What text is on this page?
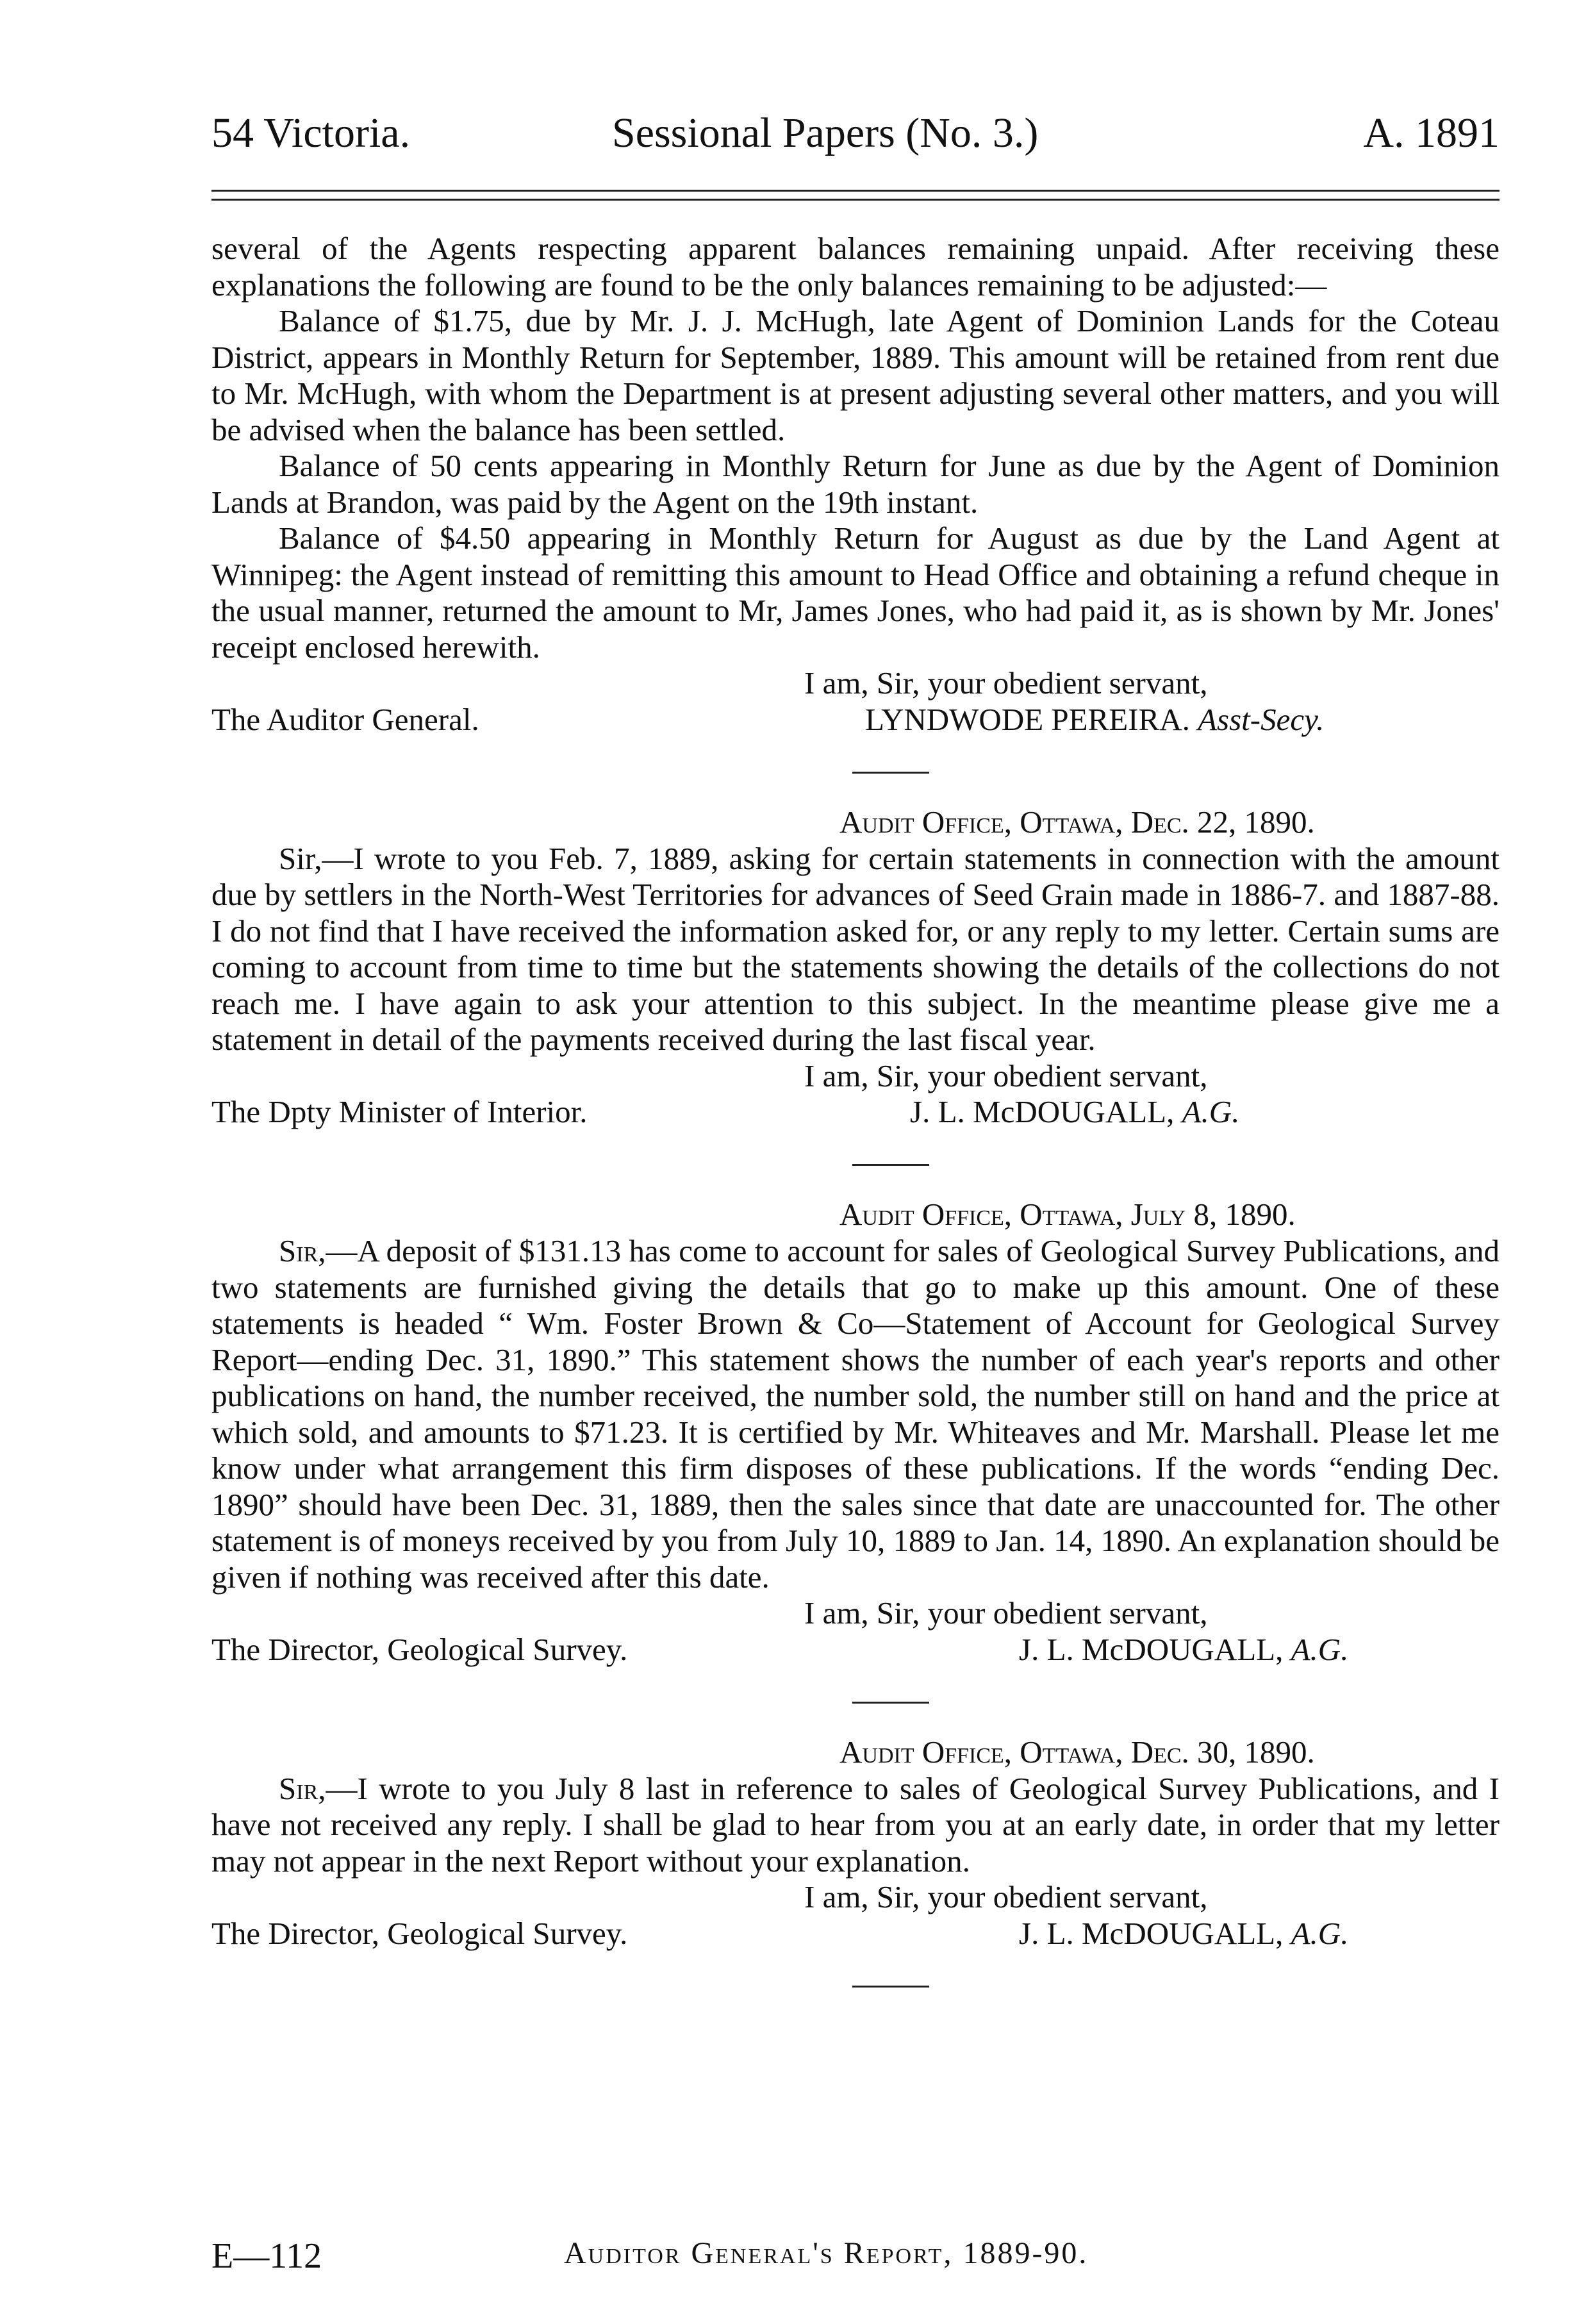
54 Victoria.	Sessional Papers (No. 3.)	A. 1891

several of the Agents respecting apparent balances remaining unpaid. After receiving these explanations the following are found to be the only balances remaining to be adjusted:—

Balance of $1.75, due by Mr. J. J. McHugh, late Agent of Dominion Lands for the Coteau District, appears in Monthly Return for September, 1889. This amount will be retained from rent due to Mr. McHugh, with whom the Department is at present adjusting several other matters, and you will be advised when the balance has been settled.

Balance of 50 cents appearing in Monthly Return for June as due by the Agent of Dominion Lands at Brandon, was paid by the Agent on the 19th instant.

Balance of $4.50 appearing in Monthly Return for August as due by the Land Agent at Winnipeg: the Agent instead of remitting this amount to Head Office and obtaining a refund cheque in the usual manner, returned the amount to Mr, James Jones, who had paid it, as is shown by Mr. Jones' receipt enclosed herewith.

I am, Sir, your obedient servant,
The Auditor General.	LYNDWODE PEREIRA. Asst-Secy.
Audit Office, Ottawa, Dec. 22, 1890.

Sir,—I wrote to you Feb. 7, 1889, asking for certain statements in connection with the amount due by settlers in the North-West Territories for advances of Seed Grain made in 1886-7. and 1887-88. I do not find that I have received the information asked for, or any reply to my letter. Certain sums are coming to account from time to time but the statements showing the details of the collections do not reach me. I have again to ask your attention to this subject. In the meantime please give me a statement in detail of the payments received during the last fiscal year.

I am, Sir, your obedient servant,
The Dpty Minister of Interior.	J. L. McDOUGALL, A.G.
Audit Office, Ottawa, July 8, 1890.

Sir,—A deposit of $131.13 has come to account for sales of Geological Survey Publications, and two statements are furnished giving the details that go to make up this amount. One of these statements is headed “ Wm. Foster Brown & Co—Statement of Account for Geological Survey Report—ending Dec. 31, 1890.” This statement shows the number of each year's reports and other publications on hand, the number received, the number sold, the number still on hand and the price at which sold, and amounts to $71.23. It is certified by Mr. Whiteaves and Mr. Marshall. Please let me know under what arrangement this firm disposes of these publications. If the words “ending Dec. 1890” should have been Dec. 31, 1889, then the sales since that date are unaccounted for. The other statement is of moneys received by you from July 10, 1889 to Jan. 14, 1890. An explanation should be given if nothing was received after this date.

I am, Sir, your obedient servant,
The Director, Geological Survey.	J. L. McDOUGALL, A.G.
Audit Office, Ottawa, Dec. 30, 1890.

Sir,—I wrote to you July 8 last in reference to sales of Geological Survey Publications, and I have not received any reply. I shall be glad to hear from you at an early date, in order that my letter may not appear in the next Report without your explanation.

I am, Sir, your obedient servant,
The Director, Geological Survey.	J. L. McDOUGALL, A.G.
E—112	Auditor General's Report, 1889-90.
